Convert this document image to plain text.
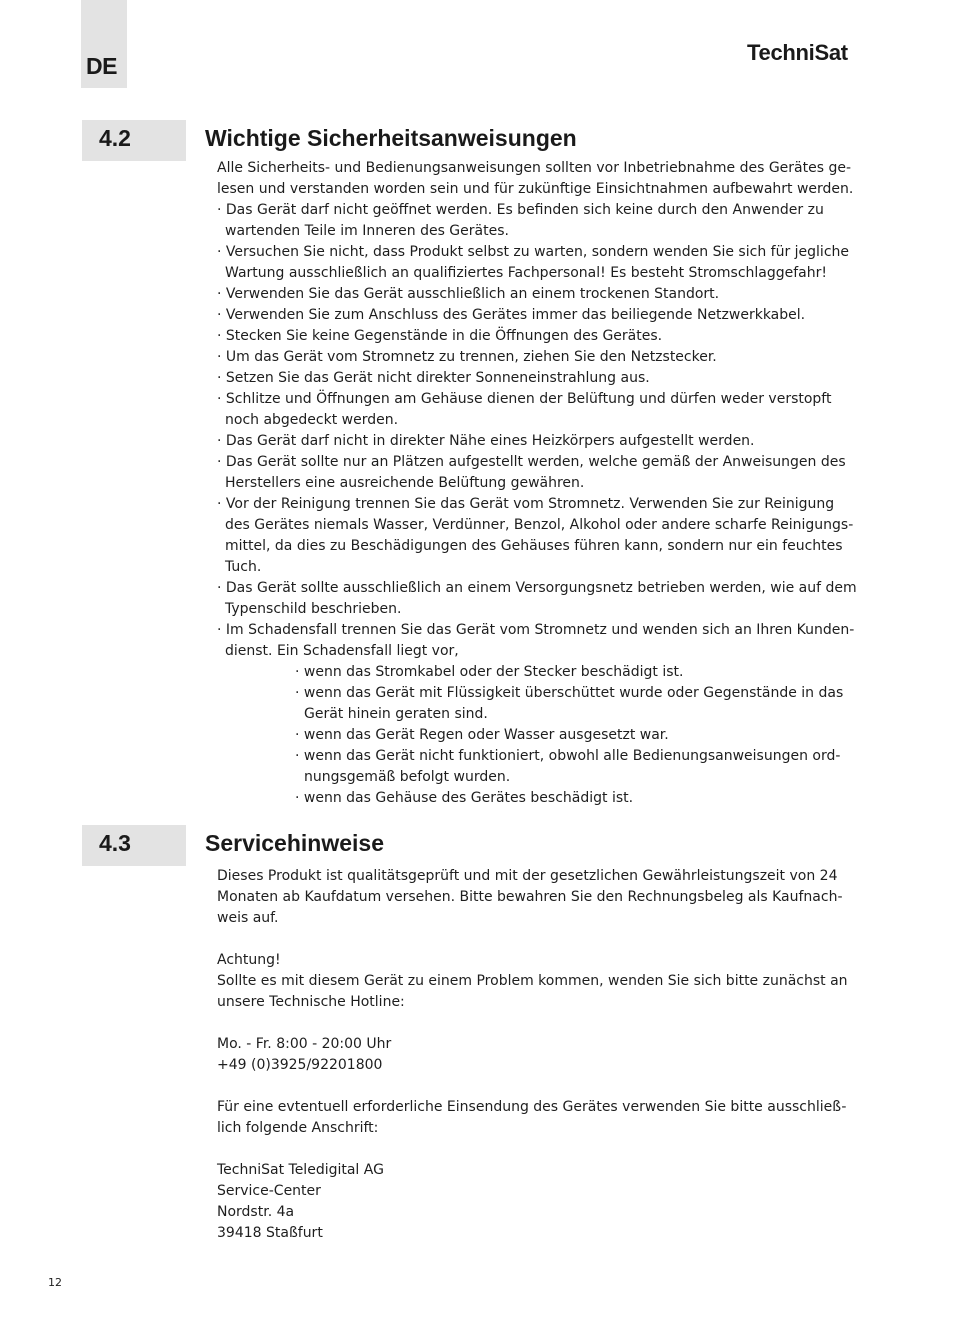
DE
TechniSat
4.2	Wichtige Sicherheitsanweisungen
Alle Sicherheits- und Bedienungsanweisungen sollten vor Inbetriebnahme des Gerätes ge-
lesen und verstanden worden sein und für zukünftige Einsichtnahmen aufbewahrt werden.
· Das Gerät darf nicht geöffnet werden. Es befinden sich keine durch den Anwender zu
wartenden Teile im Inneren des Gerätes.
· Versuchen Sie nicht, dass Produkt selbst zu warten, sondern wenden Sie sich für jegliche
Wartung ausschließlich an qualifiziertes Fachpersonal! Es besteht Stromschlaggefahr!
· Verwenden Sie das Gerät ausschließlich an einem trockenen Standort.
· Verwenden Sie zum Anschluss des Gerätes immer das beiliegende Netzwerkkabel.
· Stecken Sie keine Gegenstände in die Öffnungen des Gerätes.
· Um das Gerät vom Stromnetz zu trennen, ziehen Sie den Netzstecker.
· Setzen Sie das Gerät nicht direkter Sonneneinstrahlung aus.
· Schlitze und Öffnungen am Gehäuse dienen der Belüftung und dürfen weder verstopft
noch abgedeckt werden.
· Das Gerät darf nicht in direkter Nähe eines Heizkörpers aufgestellt werden.
· Das Gerät sollte nur an Plätzen aufgestellt werden, welche gemäß der Anweisungen des
Herstellers eine ausreichende Belüftung gewähren.
· Vor der Reinigung trennen Sie das Gerät vom Stromnetz. Verwenden Sie zur Reinigung
des Gerätes niemals Wasser, Verdünner, Benzol, Alkohol oder andere scharfe Reinigungs-
mittel, da dies zu Beschädigungen des Gehäuses führen kann, sondern nur ein feuchtes
Tuch.
· Das Gerät sollte ausschließlich an einem Versorgungsnetz betrieben werden, wie auf dem
Typenschild beschrieben.
· Im Schadensfall trennen Sie das Gerät vom Stromnetz und wenden sich an Ihren Kunden-
dienst. Ein Schadensfall liegt vor,
· wenn das Stromkabel oder der Stecker beschädigt ist.
· wenn das Gerät mit Flüssigkeit überschüttet wurde oder Gegenstände in das
Gerät hinein geraten sind.
· wenn das Gerät Regen oder Wasser ausgesetzt war.
· wenn das Gerät nicht funktioniert, obwohl alle Bedienungsanweisungen ord-
nungsgemäß befolgt wurden.
· wenn das Gehäuse des Gerätes beschädigt ist.
4.3	Servicehinweise
Dieses Produkt ist qualitätsgeprüft und mit der gesetzlichen Gewährleistungszeit von 24
Monaten ab Kaufdatum versehen. Bitte bewahren Sie den Rechnungsbeleg als Kaufnach-
weis auf.
Achtung!
Sollte es mit diesem Gerät zu einem Problem kommen, wenden Sie sich bitte zunächst an
unsere Technische Hotline:
Mo. - Fr. 8:00 - 20:00 Uhr
+49 (0)3925/92201800
Für eine evtentuell erforderliche Einsendung des Gerätes verwenden Sie bitte ausschließ-
lich folgende Anschrift:
TechniSat Teledigital AG
Service-Center
Nordstr. 4a
39418 Staßfurt
12
